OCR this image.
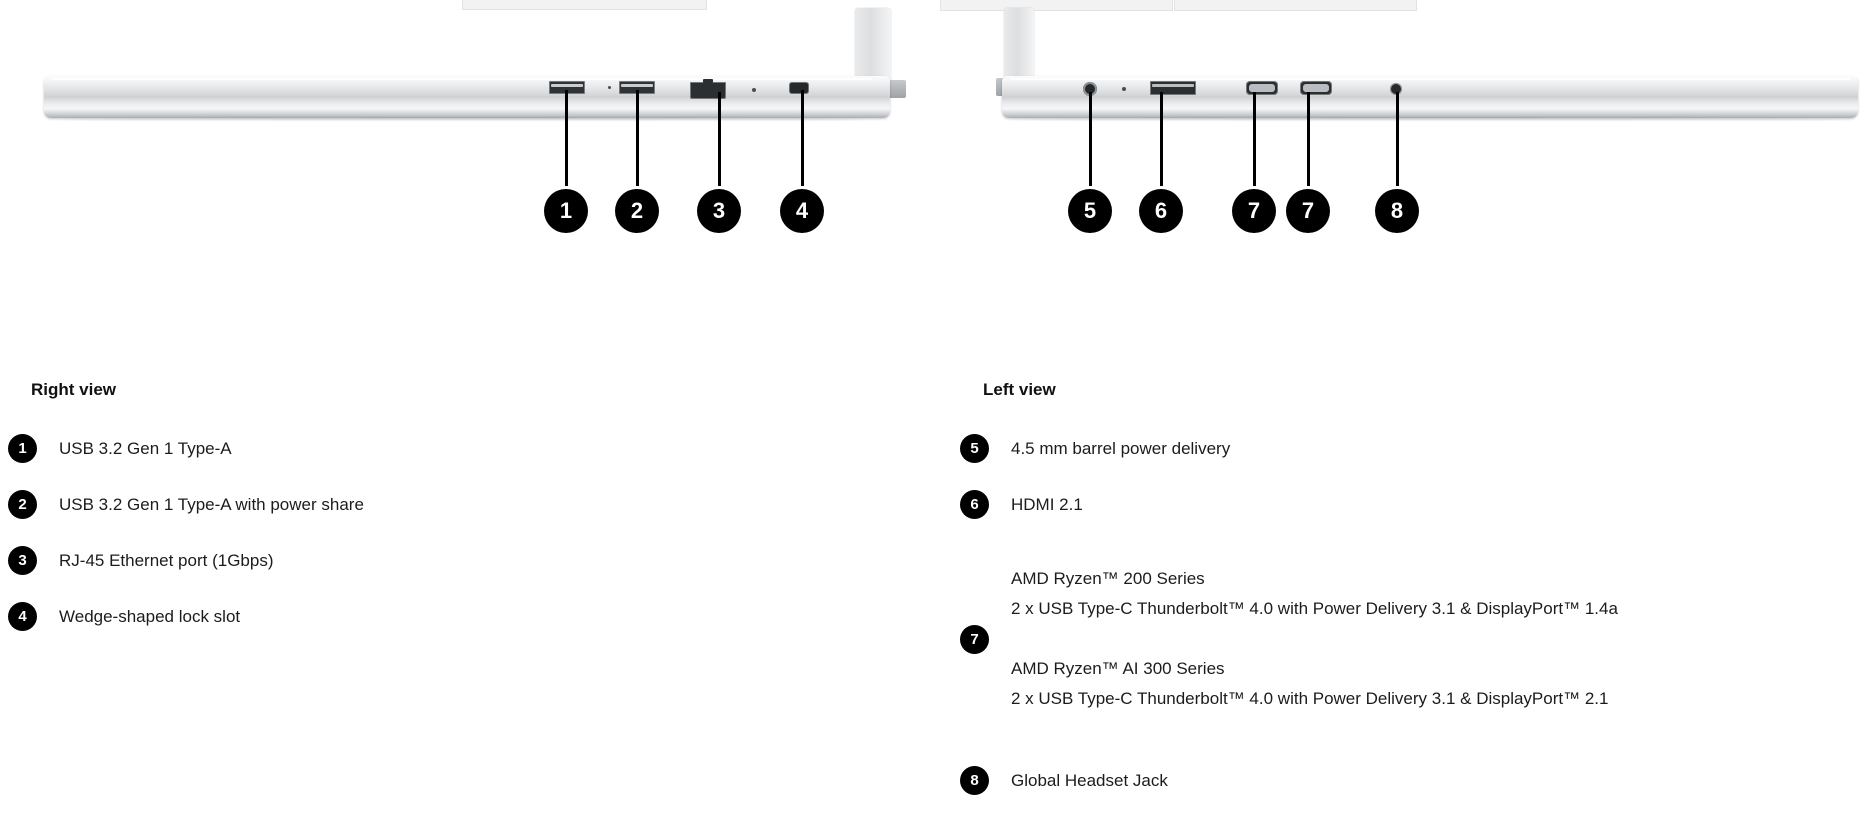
1	2	3	4	5	6	7	7	8
Right view
1	USB 3.2 Gen 1 Type-A
2	USB 3.2 Gen 1 Type-A with power share
3	RJ-45 Ethernet port (1Gbps)
4	Wedge-shaped lock slot
Left view
5	4.5 mm barrel power delivery
6	HDMI 2.1
7
AMD Ryzen™ 200 Series
2 x USB Type-C Thunderbolt™ 4.0 with Power Delivery 3.1 & DisplayPort™ 1.4a
AMD Ryzen™ AI 300 Series
2 x USB Type-C Thunderbolt™ 4.0 with Power Delivery 3.1 & DisplayPort™ 2.1
8	Global Headset Jack
